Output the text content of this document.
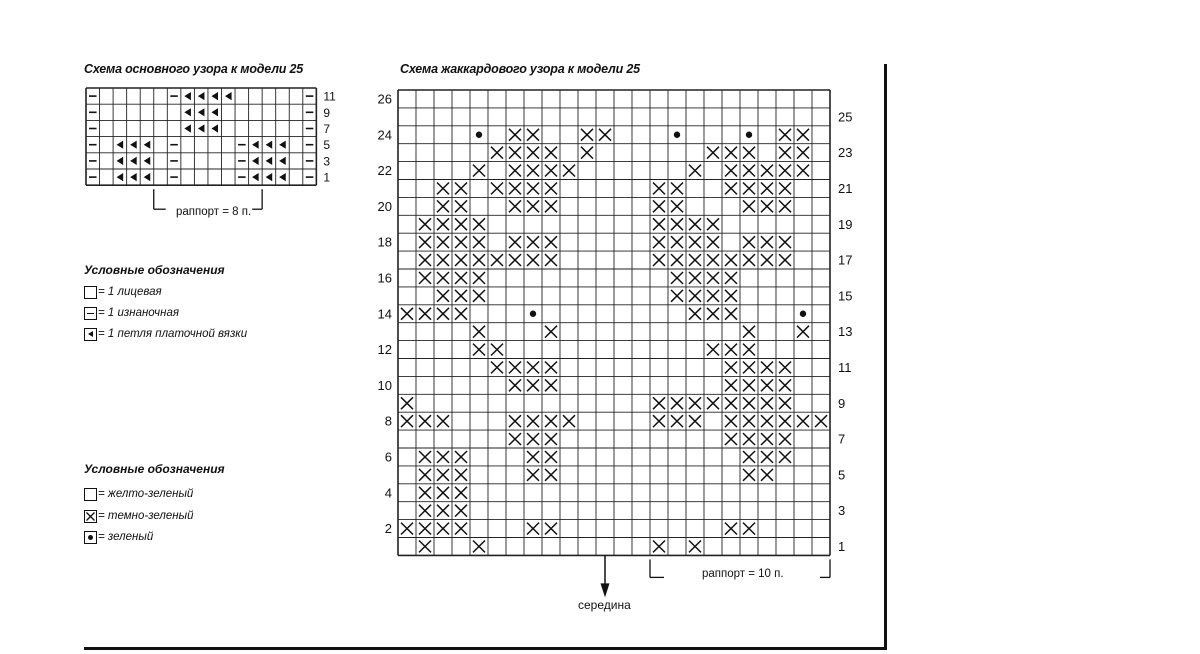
Схема основного узора к модели 25
11
9
7
5
3
1
раппорт = 8 п.
Условные обозначения
= 1 лицевая
= 1 изнаночная
= 1 петля платочной вязки
Условные обозначения
= желто-зеленый
= темно-зеленый
= зеленый
Схема жаккардового узора к модели 25
26
24
22
20
18
16
14
12
10
8
6
4
2
25
23
21
19
17
15
13
11
9
7
5
3
1
раппорт = 10 п.
середина
